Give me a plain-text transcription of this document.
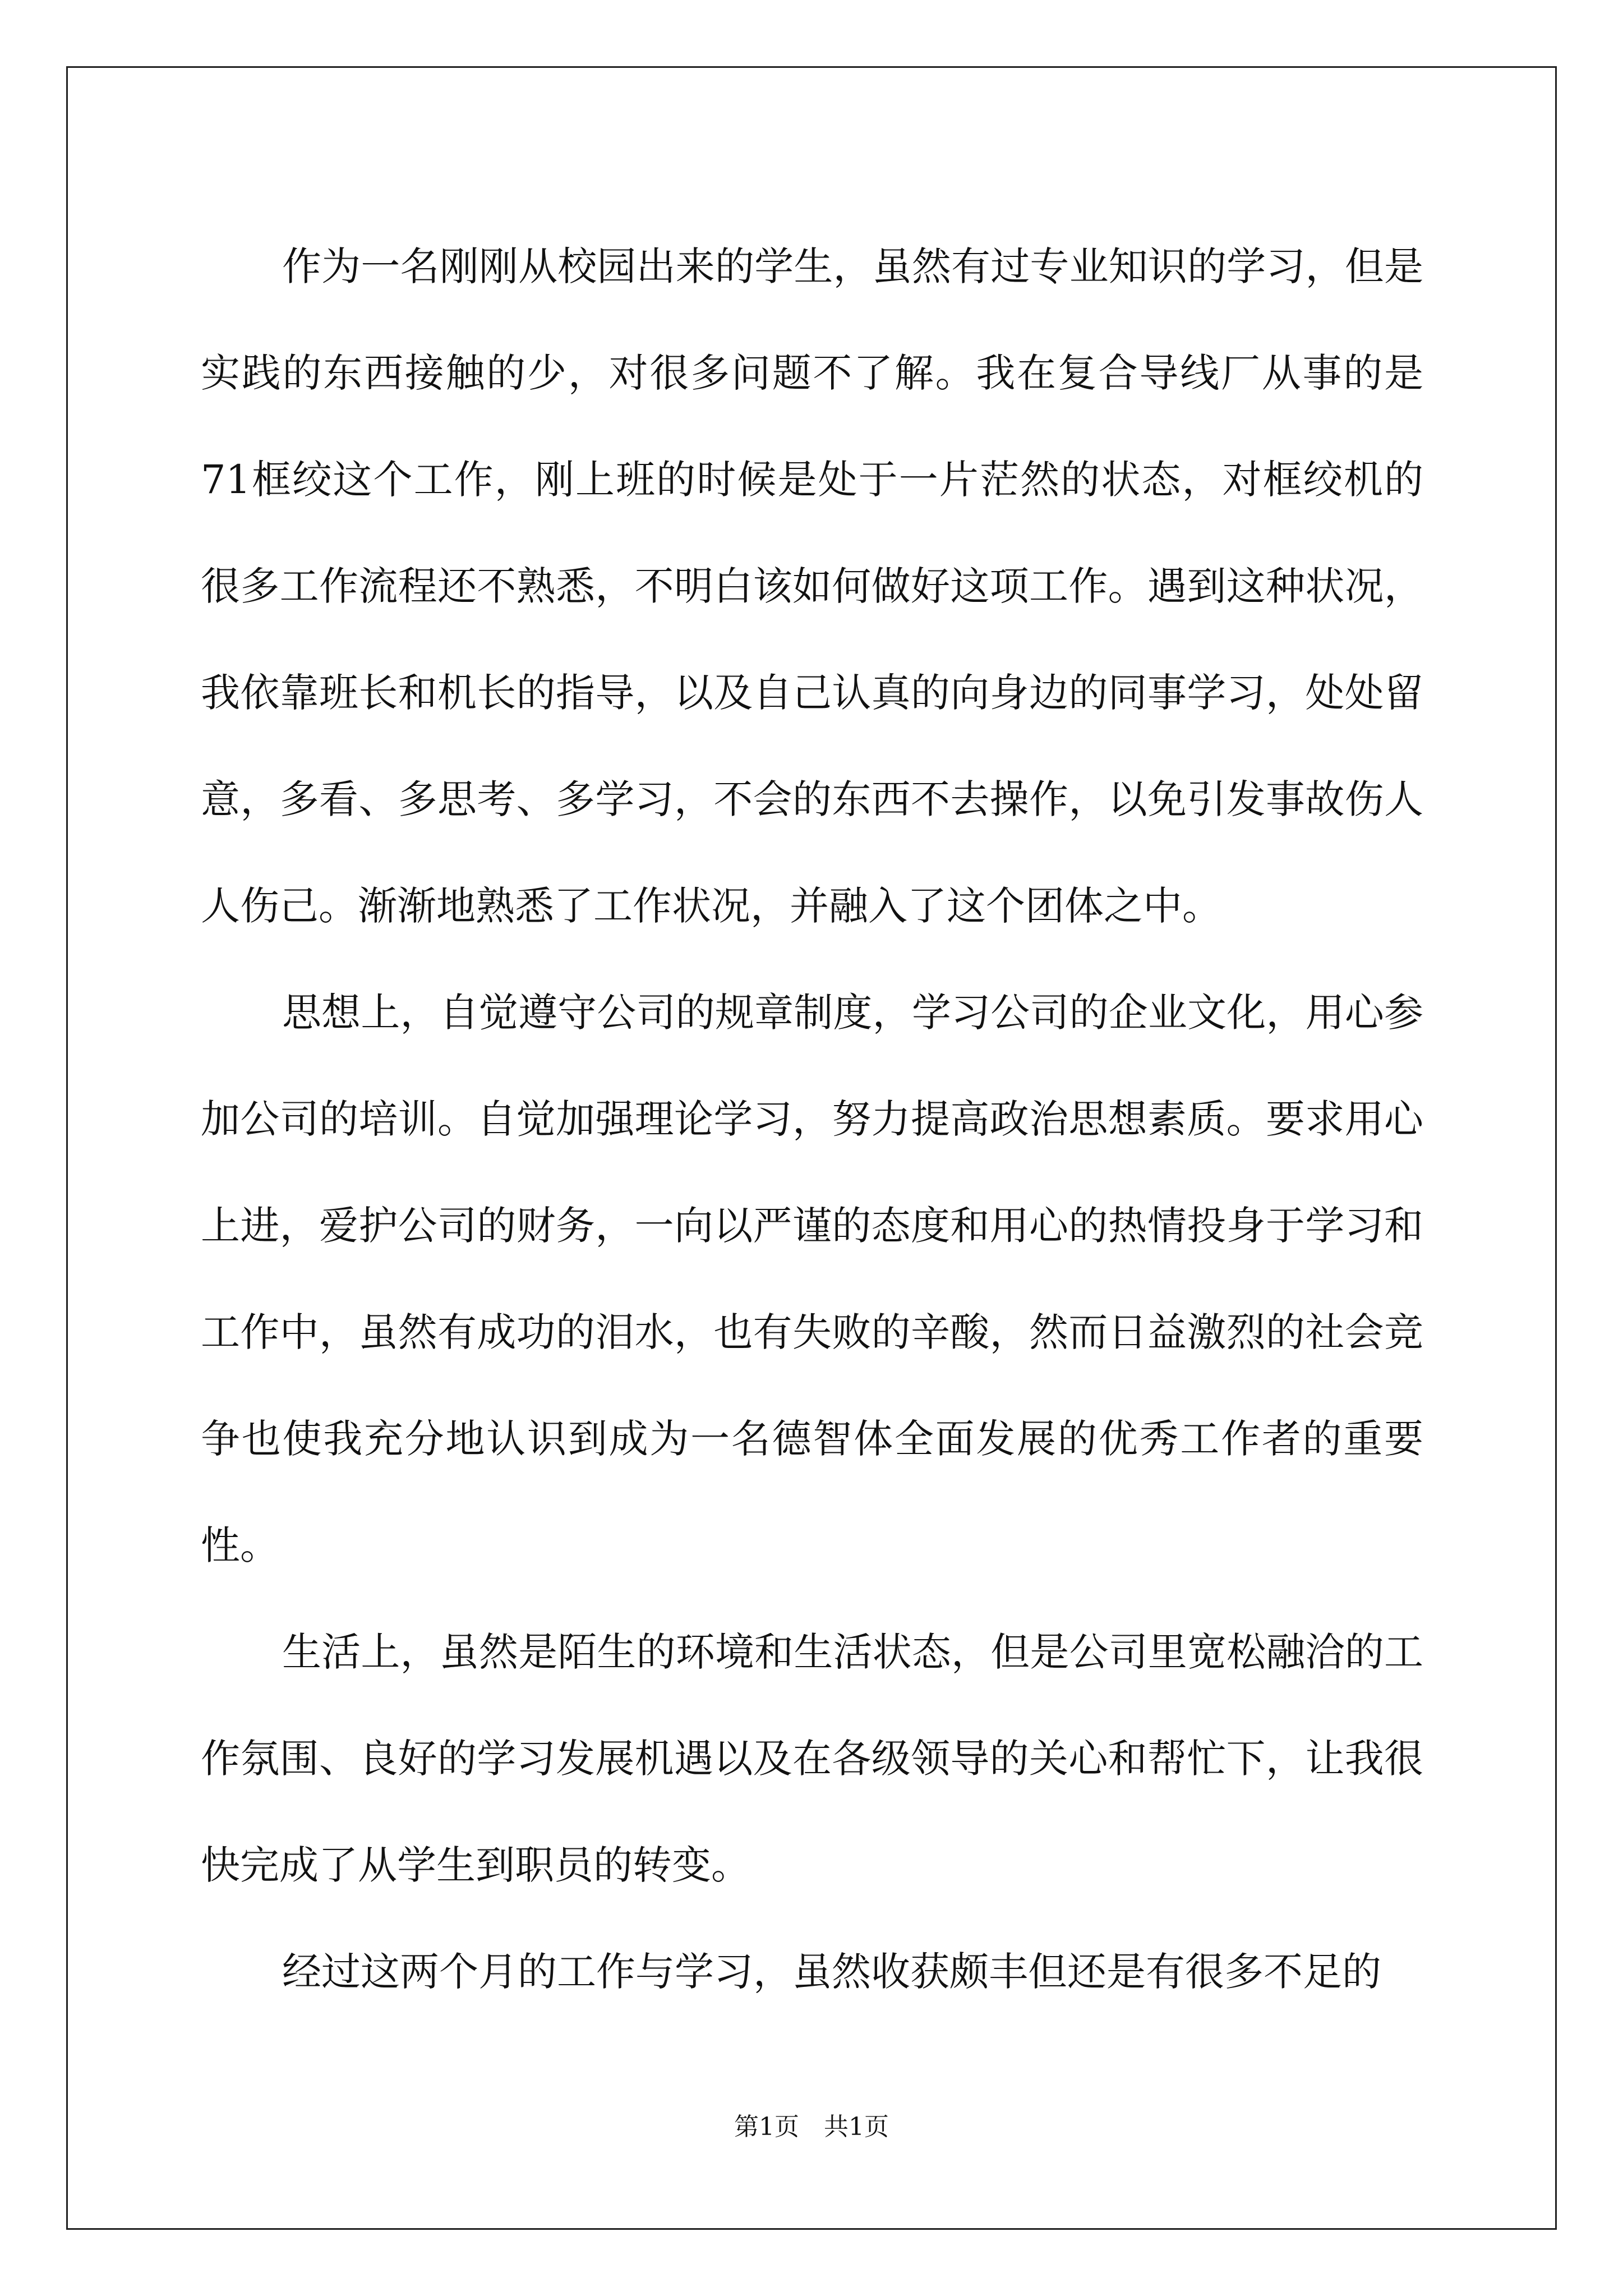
作为一名刚刚从校园出来的学生，虽然有过专业知识的学习，但是实践的东西接触的少，对很多问题不了解。我在复合导线厂从事的是71框绞这个工作，刚上班的时候是处于一片茫然的状态，对框绞机的很多工作流程还不熟悉，不明白该如何做好这项工作。遇到这种状况，我依靠班长和机长的指导，以及自己认真的向身边的同事学习，处处留意，多看、多思考、多学习，不会的东西不去操作，以免引发事故伤人人伤己。渐渐地熟悉了工作状况，并融入了这个团体之中。

思想上，自觉遵守公司的规章制度，学习公司的企业文化，用心参加公司的培训。自觉加强理论学习，努力提高政治思想素质。要求用心上进，爱护公司的财务，一向以严谨的态度和用心的热情投身于学习和工作中，虽然有成功的泪水，也有失败的辛酸，然而日益激烈的社会竞争也使我充分地认识到成为一名德智体全面发展的优秀工作者的重要性。

生活上，虽然是陌生的环境和生活状态，但是公司里宽松融洽的工作氛围、良好的学习发展机遇以及在各级领导的关心和帮忙下，让我很快完成了从学生到职员的转变。

经过这两个月的工作与学习，虽然收获颇丰但还是有很多不足的

第1页 共1页
